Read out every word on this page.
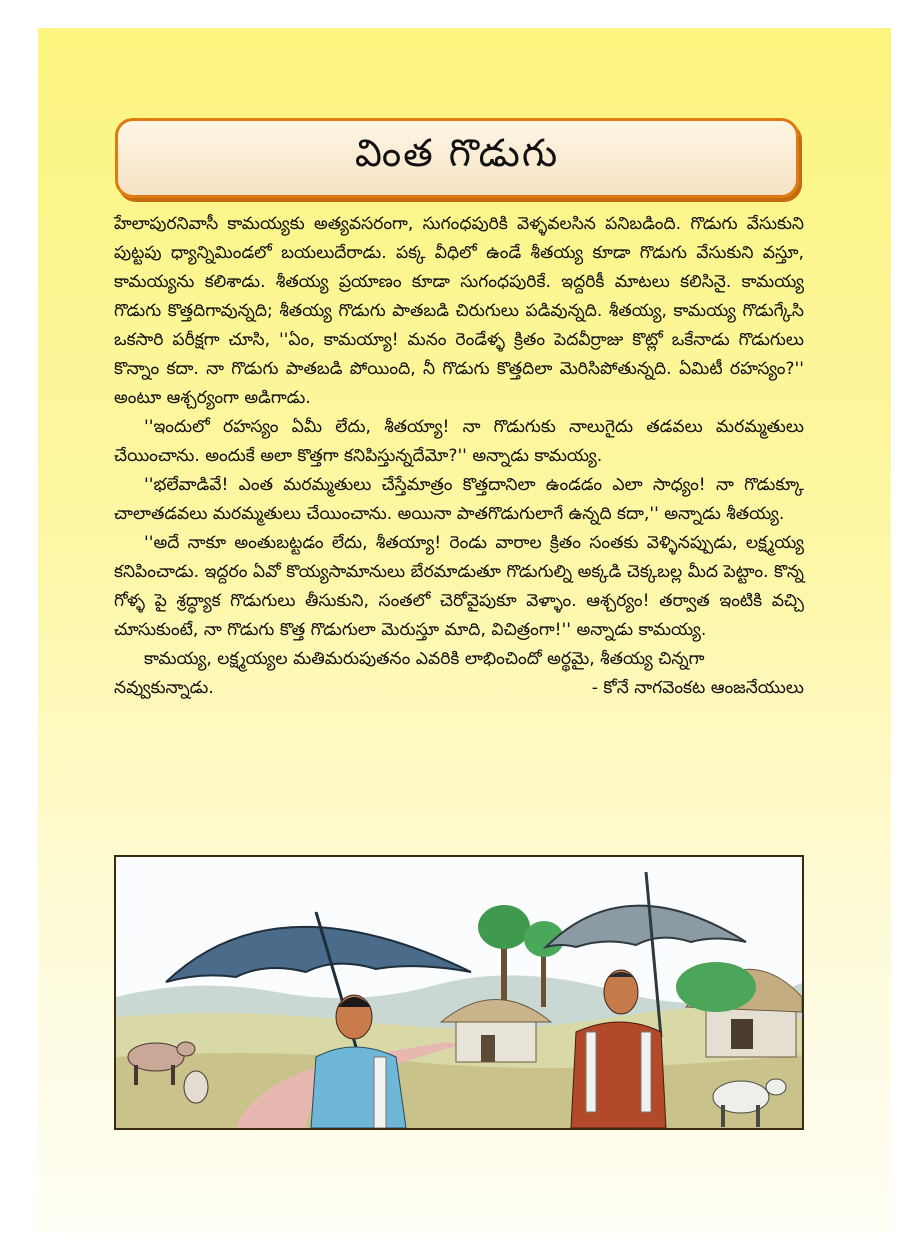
వింత గొడుగు

హేలాపురనివాసీ కామయ్యకు అత్యవసరంగా, సుగంధపురికి వెళ్ళవలసిన పనిబడింది. గొడుగు వేసుకుని పుట్టపు ధ్యాన్నిమిండలో బయలుదేరాడు. పక్క వీధిలో ఉండే శీతయ్య కూడా గొడుగు వేసుకుని వస్తూ, కామయ్యను కలిశాడు. శీతయ్య ప్రయాణం కూడా సుగంధపురికే. ఇద్దరికీ మాటలు కలిసినై. కామయ్య గొడుగు కొత్తదిగావున్నది; శీతయ్య గొడుగు పాతబడి చిరుగులు పడివున్నది. శీతయ్య, కామయ్య గొడుగ్కేసి ఒకసారి పరీక్షగా చూసి, ''ఏం, కామయ్యా! మనం రెండేళ్ళ క్రితం పెదవీర్రాజు కొట్లో ఒకేనాడు గొడుగులు కొన్నాం కదా. నా గొడుగు పాతబడి పోయింది, నీ గొడుగు కొత్తదిలా మెరిసిపోతున్నది. ఏమిటీ రహస్యం?'' అంటూ ఆశ్చర్యంగా అడిగాడు.

''ఇందులో రహస్యం ఏమీ లేదు, శీతయ్యా! నా గొడుగుకు నాలుగైదు తడవలు మరమ్మతులు చేయించాను. అందుకే అలా కొత్తగా కనిపిస్తున్నదేమో?'' అన్నాడు కామయ్య.

''భలేవాడివే! ఎంత మరమ్మతులు చేస్తేమాత్రం కొత్తదానిలా ఉండడం ఎలా సాధ్యం! నా గొడుక్కూ చాలాతడవలు మరమ్మతులు చేయించాను. అయినా పాతగొడుగులాగే ఉన్నది కదా,'' అన్నాడు శీతయ్య.

''అదే నాకూ అంతుబట్టడం లేదు, శీతయ్యా! రెండు వారాల క్రితం సంతకు వెళ్ళినప్పుడు, లక్ష్మయ్య కనిపించాడు. ఇద్దరం ఏవో కొయ్యసామానులు బేరమాడుతూ గొడుగుల్ని అక్కడి చెక్కబల్ల మీద పెట్టాం. కొన్న గోళ్ళ పై శ్రద్ధ్యాక గొడుగులు తీసుకుని, సంతలో చెరోవైపుకూ వెళ్ళాం. ఆశ్చర్యం! తర్వాత ఇంటికి వచ్చి చూసుకుంటే, నా గొడుగు కొత్త గొడుగులా మెరుస్తూ మాది, విచిత్రంగా!'' అన్నాడు కామయ్య.

కామయ్య, లక్ష్మయ్యల మతిమరుపుతనం ఎవరికి లాభించిందో అర్థమై, శీతయ్య చిన్నగా

నవ్వుకున్నాడు.	- కోనే నాగవెంకట ఆంజనేయులు
